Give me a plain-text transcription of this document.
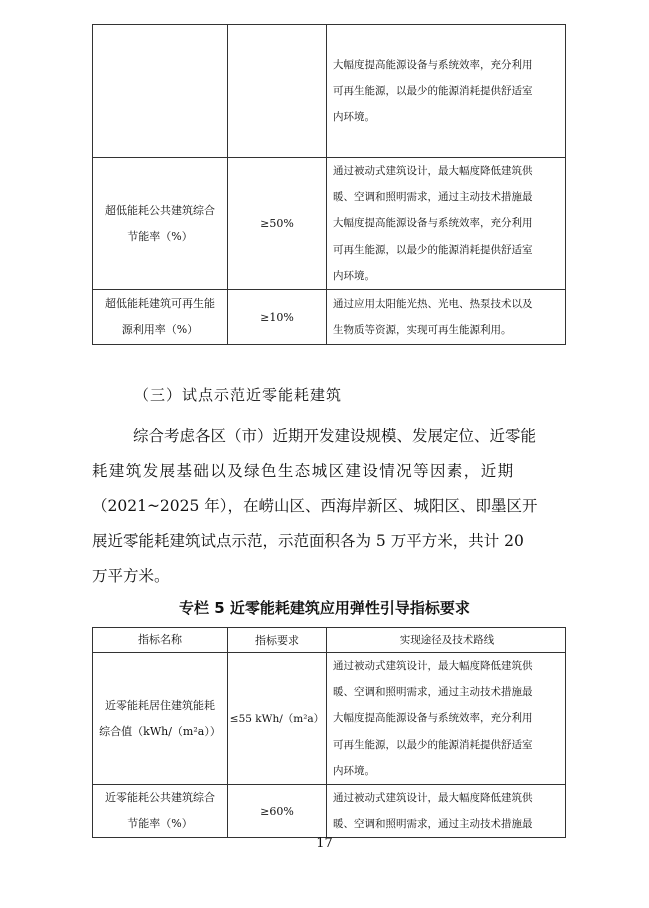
		大幅度提高能源设备与系统效率，充分利用
可再生能源，以最少的能源消耗提供舒适室
内环境。

超低能耗公共建筑综合
节能率（%）	≥50%	通过被动式建筑设计，最大幅度降低建筑供
暖、空调和照明需求，通过主动技术措施最
大幅度提高能源设备与系统效率，充分利用
可再生能源，以最少的能源消耗提供舒适室
内环境。

超低能耗建筑可再生能
源利用率（%）	≥10%	通过应用太阳能光热、光电、热泵技术以及
生物质等资源，实现可再生能源利用。
（三）试点示范近零能耗建筑
综合考虑各区（市）近期开发建设规模、发展定位、近零能
耗建筑发展基础以及绿色生态城区建设情况等因素，近期
（2021~2025 年），在崂山区、西海岸新区、城阳区、即墨区开
展近零能耗建筑试点示范，示范面积各为 5 万平方米，共计 20
万平方米。
专栏 5 近零能耗建筑应用弹性引导指标要求
指标名称	指标要求	实现途径及技术路线

近零能耗居住建筑能耗
综合值（kWh/（m²a））	≤55 kWh/（m²a）	通过被动式建筑设计，最大幅度降低建筑供
暖、空调和照明需求，通过主动技术措施最
大幅度提高能源设备与系统效率，充分利用
可再生能源，以最少的能源消耗提供舒适室
内环境。

近零能耗公共建筑综合
节能率（%）	≥60%	通过被动式建筑设计，最大幅度降低建筑供
暖、空调和照明需求，通过主动技术措施最
17
